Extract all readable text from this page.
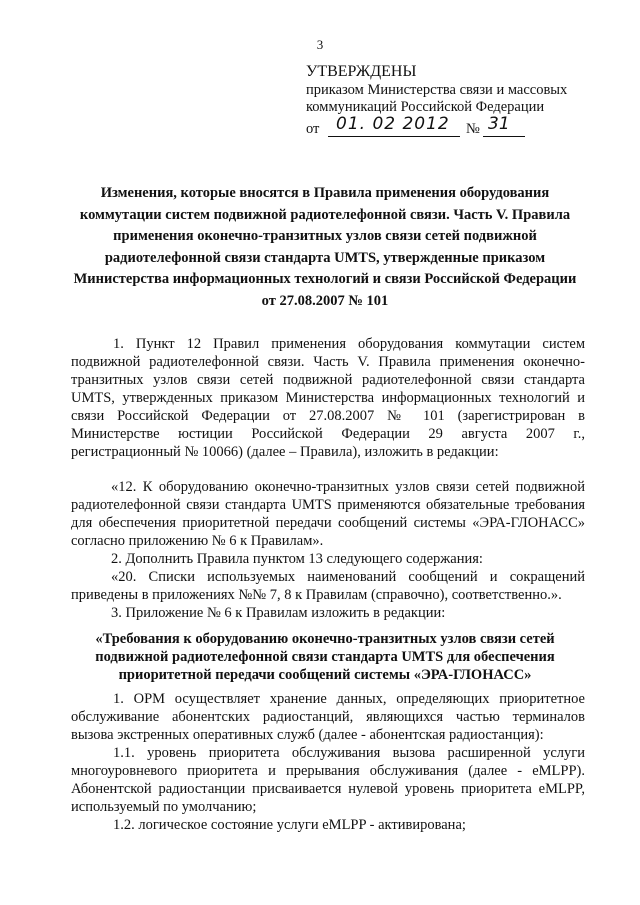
3
УТВЕРЖДЕНЫ
приказом Министерства связи и массовых
коммуникаций Российской Федерации
от 01. 02 2012 № 31
Изменения, которые вносятся в Правила применения оборудования коммутации систем подвижной радиотелефонной связи. Часть V. Правила применения оконечно-транзитных узлов связи сетей подвижной радиотелефонной связи стандарта UMTS, утвержденные приказом Министерства информационных технологий и связи Российской Федерации от 27.08.2007 № 101

1. Пункт 12 Правил применения оборудования коммутации систем подвижной радиотелефонной связи. Часть V. Правила применения оконечно-транзитных узлов связи сетей подвижной радиотелефонной связи стандарта UMTS, утвержденных приказом Министерства информационных технологий и связи Российской Федерации от 27.08.2007 № 101 (зарегистрирован в Министерстве юстиции Российской Федерации 29 августа 2007 г., регистрационный № 10066) (далее – Правила), изложить в редакции:

«12. К оборудованию оконечно-транзитных узлов связи сетей подвижной радиотелефонной связи стандарта UMTS применяются обязательные требования для обеспечения приоритетной передачи сообщений системы «ЭРА-ГЛОНАСС» согласно приложению № 6 к Правилам».

2. Дополнить Правила пунктом 13 следующего содержания:

«20. Списки используемых наименований сообщений и сокращений приведены в приложениях №№ 7, 8 к Правилам (справочно), соответственно.».

3. Приложение № 6 к Правилам изложить в редакции:

«Требования к оборудованию оконечно-транзитных узлов связи сетей подвижной радиотелефонной связи стандарта UMTS для обеспечения приоритетной передачи сообщений системы «ЭРА-ГЛОНАСС»

1. ОРМ осуществляет хранение данных, определяющих приоритетное обслуживание абонентских радиостанций, являющихся частью терминалов вызова экстренных оперативных служб (далее - абонентская радиостанция):

1.1. уровень приоритета обслуживания вызова расширенной услуги многоуровневого приоритета и прерывания обслуживания (далее - eMLPP). Абонентской радиостанции присваивается нулевой уровень приоритета eMLPP, используемый по умолчанию;

1.2. логическое состояние услуги eMLPP - активирована;
